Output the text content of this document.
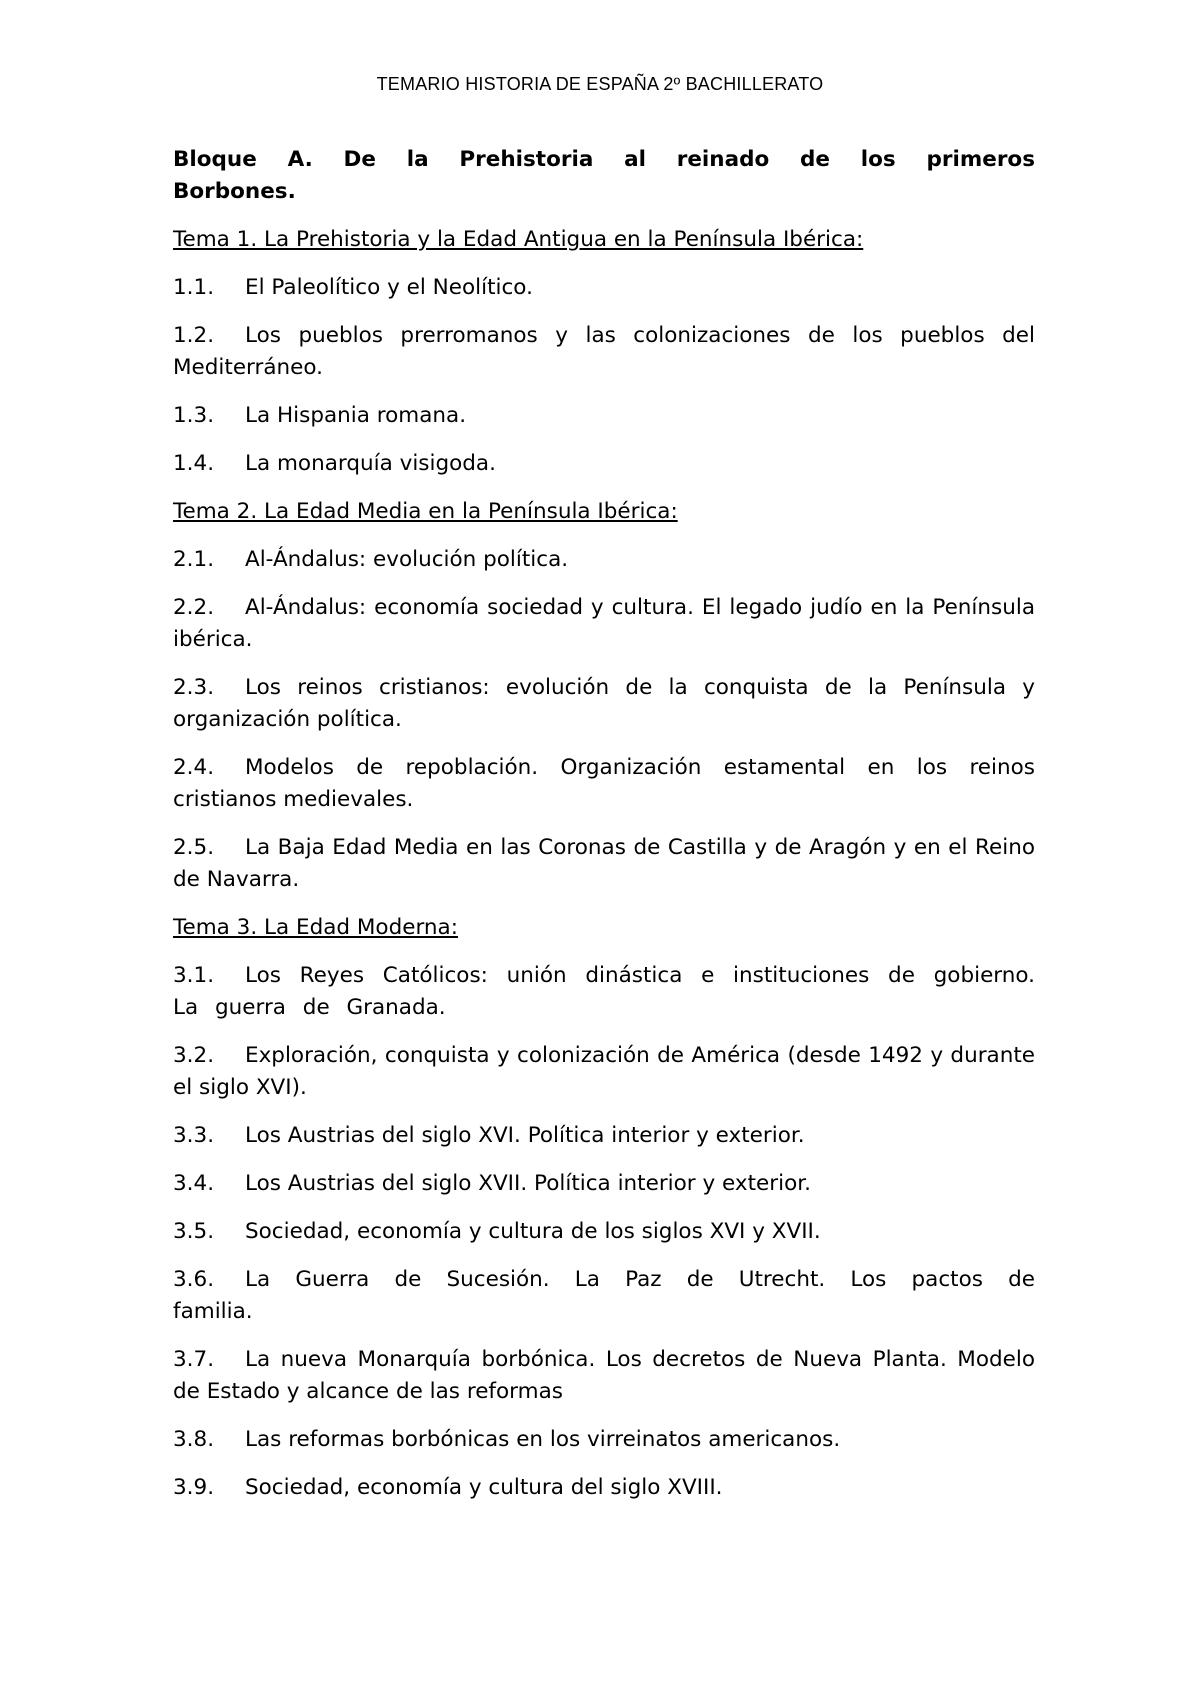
TEMARIO HISTORIA DE ESPAÑA 2º BACHILLERATO

Bloque A. De la Prehistoria al reinado de los primeros Borbones.

Tema 1. La Prehistoria y la Edad Antigua en la Península Ibérica:

1.1. El Paleolítico y el Neolítico.

1.2. Los pueblos prerromanos y las colonizaciones de los pueblos del Mediterráneo.

1.3. La Hispania romana.

1.4. La monarquía visigoda.

Tema 2. La Edad Media en la Península Ibérica:

2.1. Al-Ándalus: evolución política.

2.2. Al-Ándalus: economía sociedad y cultura. El legado judío en la Península ibérica.

2.3. Los reinos cristianos: evolución de la conquista de la Península y organización política.

2.4. Modelos de repoblación. Organización estamental en los reinos cristianos medievales.

2.5. La Baja Edad Media en las Coronas de Castilla y de Aragón y en el Reino de Navarra.

Tema 3. La Edad Moderna:

3.1. Los Reyes Católicos: unión dinástica e instituciones de gobierno. La guerra de Granada.

3.2. Exploración, conquista y colonización de América (desde 1492 y durante el siglo XVI).

3.3. Los Austrias del siglo XVI. Política interior y exterior.

3.4. Los Austrias del siglo XVII. Política interior y exterior.

3.5. Sociedad, economía y cultura de los siglos XVI y XVII.

3.6. La Guerra de Sucesión. La Paz de Utrecht. Los pactos de familia.

3.7. La nueva Monarquía borbónica. Los decretos de Nueva Planta. Modelo de Estado y alcance de las reformas

3.8. Las reformas borbónicas en los virreinatos americanos.

3.9. Sociedad, economía y cultura del siglo XVIII.
